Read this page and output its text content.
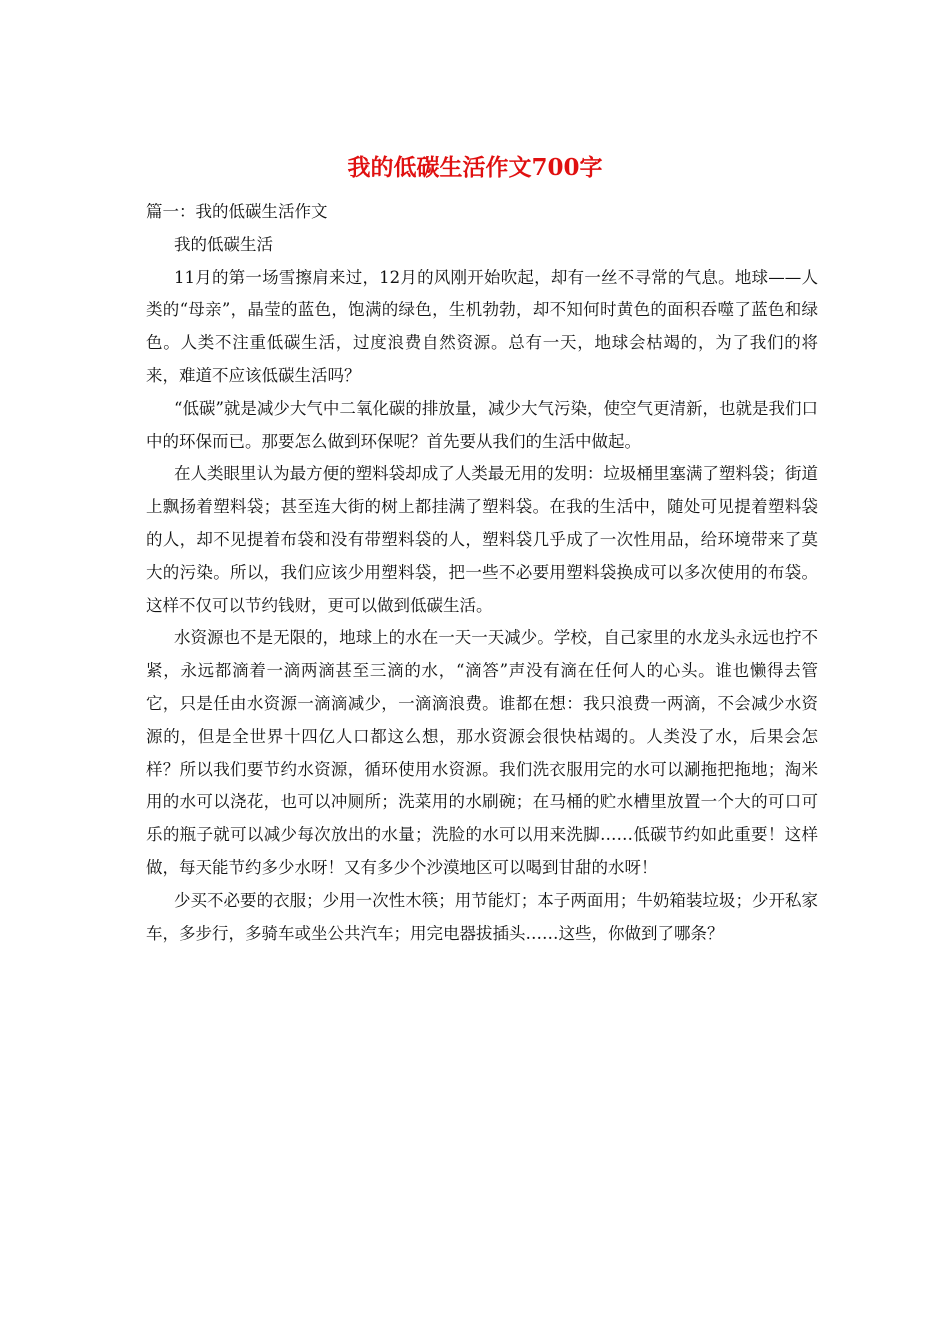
我的低碳生活作文700字

篇一：我的低碳生活作文

我的低碳生活

11月的第一场雪擦肩来过，12月的风刚开始吹起，却有一丝不寻常的气息。地球——人类的“母亲”，晶莹的蓝色，饱满的绿色，生机勃勃，却不知何时黄色的面积吞噬了蓝色和绿色。人类不注重低碳生活，过度浪费自然资源。总有一天，地球会枯竭的，为了我们的将来，难道不应该低碳生活吗？

“低碳”就是减少大气中二氧化碳的排放量，减少大气污染，使空气更清新，也就是我们口中的环保而已。那要怎么做到环保呢？首先要从我们的生活中做起。

在人类眼里认为最方便的塑料袋却成了人类最无用的发明：垃圾桶里塞满了塑料袋；街道上飘扬着塑料袋；甚至连大街的树上都挂满了塑料袋。在我的生活中，随处可见提着塑料袋的人，却不见提着布袋和没有带塑料袋的人，塑料袋几乎成了一次性用品，给环境带来了莫大的污染。所以，我们应该少用塑料袋，把一些不必要用塑料袋换成可以多次使用的布袋。这样不仅可以节约钱财，更可以做到低碳生活。

水资源也不是无限的，地球上的水在一天一天减少。学校，自己家里的水龙头永远也拧不紧，永远都滴着一滴两滴甚至三滴的水，“滴答”声没有滴在任何人的心头。谁也懒得去管它，只是任由水资源一滴滴减少，一滴滴浪费。谁都在想：我只浪费一两滴，不会减少水资源的，但是全世界十四亿人口都这么想，那水资源会很快枯竭的。人类没了水，后果会怎样？所以我们要节约水资源，循环使用水资源。我们洗衣服用完的水可以涮拖把拖地；淘米用的水可以浇花，也可以冲厕所；洗菜用的水刷碗；在马桶的贮水槽里放置一个大的可口可乐的瓶子就可以减少每次放出的水量；洗脸的水可以用来洗脚……低碳节约如此重要！这样做，每天能节约多少水呀！又有多少个沙漠地区可以喝到甘甜的水呀！

少买不必要的衣服；少用一次性木筷；用节能灯；本子两面用；牛奶箱装垃圾；少开私家车，多步行，多骑车或坐公共汽车；用完电器拔插头……这些，你做到了哪条？
